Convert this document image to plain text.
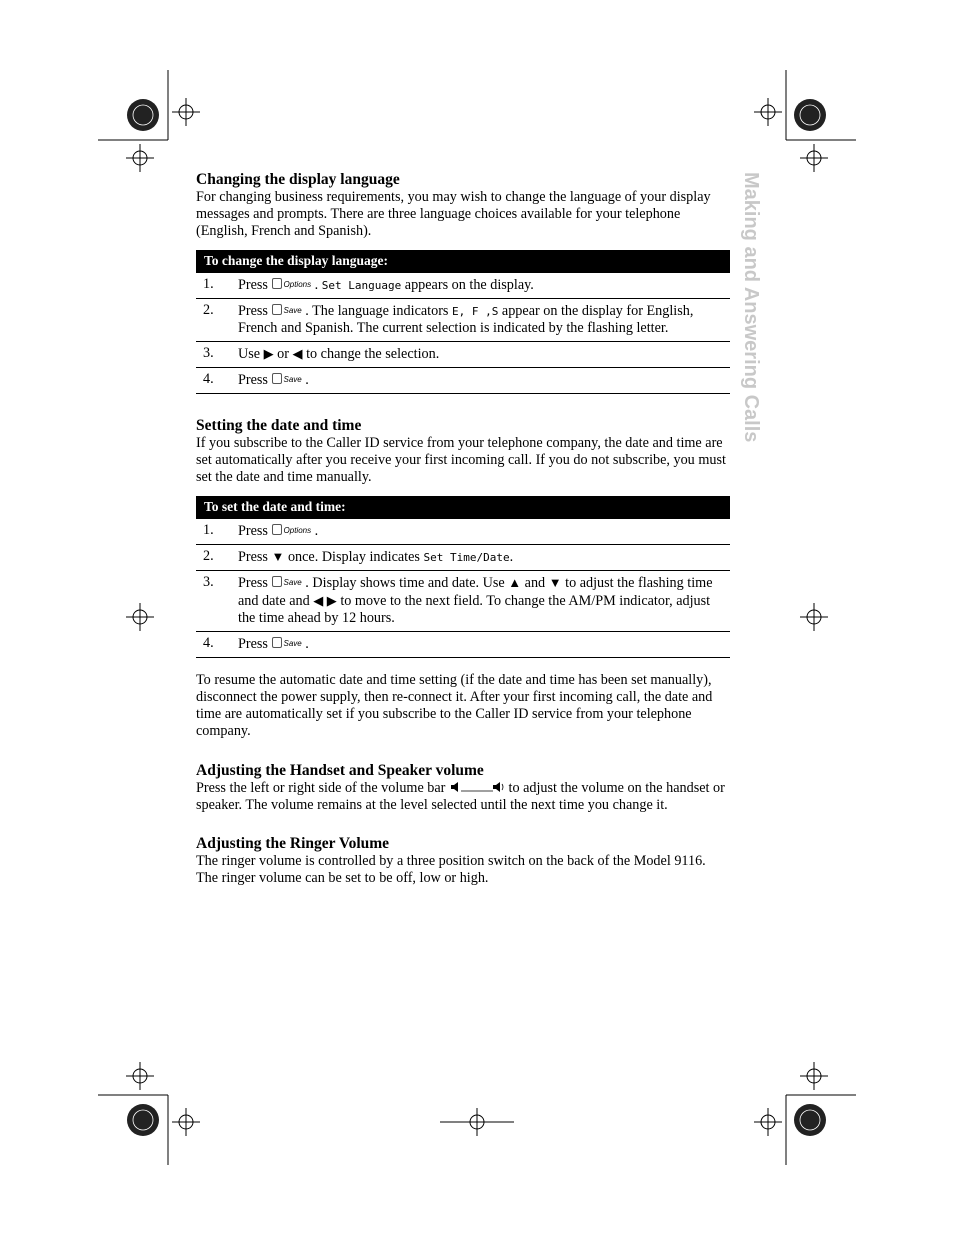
Making and Answering Calls
Changing the display language

For changing business requirements, you may wish to change the language of your display messages and prompts. There are three language choices available for your telephone (English, French and Spanish).

To change the display language:
1.	Press Options . Set Language appears on the display.
2.	Press Save . The language indicators E, F ,S appear on the display for English, French and Spanish. The current selection is indicated by the flashing letter.
3.	Use ▶ or ◀ to change the selection.
4.	Press Save .
Setting the date and time

If you subscribe to the Caller ID service from your telephone company, the date and time are set automatically after you receive your first incoming call. If you do not subscribe, you must set the date and time manually.

To set the date and time:
1.	Press Options .
2.	Press ▼ once. Display indicates Set Time/Date.
3.	Press Save . Display shows time and date. Use ▲ and ▼ to adjust the flashing time and date and ◀ ▶ to move to the next field. To change the AM/PM indicator, adjust the time ahead by 12 hours.
4.	Press Save .

To resume the automatic date and time setting (if the date and time has been set manually), disconnect the power supply, then re-connect it. After your first incoming call, the date and time are automatically set if you subscribe to the Caller ID service from your telephone company.

Adjusting the Handset and Speaker volume

Press the left or right side of the volume bar	to adjust the volume on the handset or speaker. The volume remains at the level selected until the next time you change it.

Adjusting the Ringer Volume

The ringer volume is controlled by a three position switch on the back of the Model 9116. The ringer volume can be set to be off, low or high.
